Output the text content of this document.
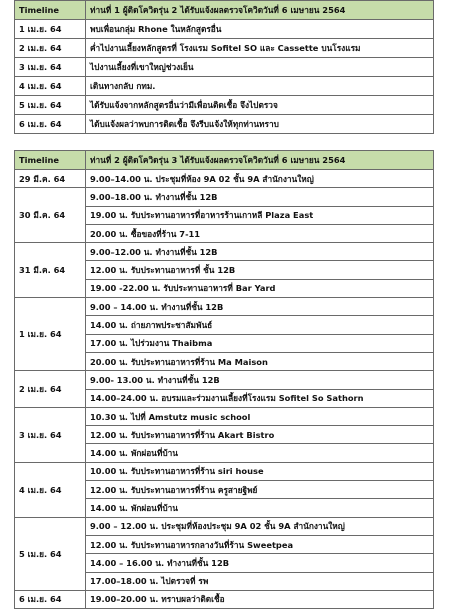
Timeline	ท่านที่ 1 ผู้ติดโควิดรุ่น 2 ได้รับแจ้งผลตรวจโควิดวันที่ 6 เมษายน 2564
1 เม.ย. 64	พบเพื่อนกลุ่ม Rhone ในหลักสูตรอื่น
2 เม.ย. 64	ค่ำไปงานเลี้ยงหลักสูตรที่ โรงแรม Sofitel SO และ Cassette บนโรงแรม
3 เม.ย. 64	ไปงานเลี้ยงที่เขาใหญ่ช่วงเย็น
4 เม.ย. 64	เดินทางกลับ กทม.
5 เม.ย. 64	ได้รับแจ้งจากหลักสูตรอื่นว่ามีเพื่อนติดเชื้อ จึงไปตรวจ
6 เม.ย. 64	ได้บแจ้งผลว่าพบการติดเชื้อ จึงรีบแจ้งให้ทุกท่านทราบ
Timeline	ท่านที่ 2 ผู้ติดโควิดรุ่น 3 ได้รับแจ้งผลตรวจโควิดวันที่ 6 เมษายน 2564
29 มี.ค. 64	9.00–14.00 น. ประชุมที่ห้อง 9A 02 ชั้น 9A สำนักงานใหญ่
30 มี.ค. 64	9.00–18.00 น. ทำงานที่ชั้น 12B
	19.00 น. รับประทานอาหารที่อาหารร้านเกาหลี Plaza East
	20.00 น. ซื้อของที่ร้าน 7-11
31 มี.ค. 64	9.00–12.00 น. ทำงานที่ชั้น 12B
	12.00 น. รับประทานอาหารที่ ชั้น 12B
	19.00 -22.00 น. รับประทานอาหารที่ Bar Yard
1 เม.ย. 64	9.00 – 14.00 น. ทำงานที่ชั้น 12B
	14.00 น. ถ่ายภาพประชาสัมพันธ์
	17.00 น. ไปร่วมงาน Thaibma
	20.00 น. รับประทานอาหารที่ร้าน Ma Maison
2 เม.ย. 64	9.00- 13.00 น. ทำงานที่ชั้น 12B
	14.00–24.00 น. อบรมและร่วมงานเลี้ยงที่โรงแรม Sofitel So Sathorn
3 เม.ย. 64	10.30 น. ไปที่ Amstutz music school
	12.00 น. รับประทานอาหารที่ร้าน Akart Bistro
	14.00 น. พักผ่อนที่บ้าน
4 เม.ย. 64	10.00 น. รับประทานอาหารที่ร้าน siri house
	12.00 น. รับประทานอาหารที่ร้าน ครูสายฐิพย์
	14.00 น. พักผ่อนที่บ้าน
5 เม.ย. 64	9.00 – 12.00 น. ประชุมที่ห้องประชุม 9A 02 ชั้น 9A สำนักงานใหญ่
	12.00 น. รับประทานอาหารกลางวันที่ร้าน Sweetpea
	14.00 – 16.00 น. ทำงานที่ชั้น 12B
	17.00–18.00 น. ไปตรวจที่ รพ
6 เม.ย. 64	19.00–20.00 น. ทราบผลว่าติดเชื้อ
